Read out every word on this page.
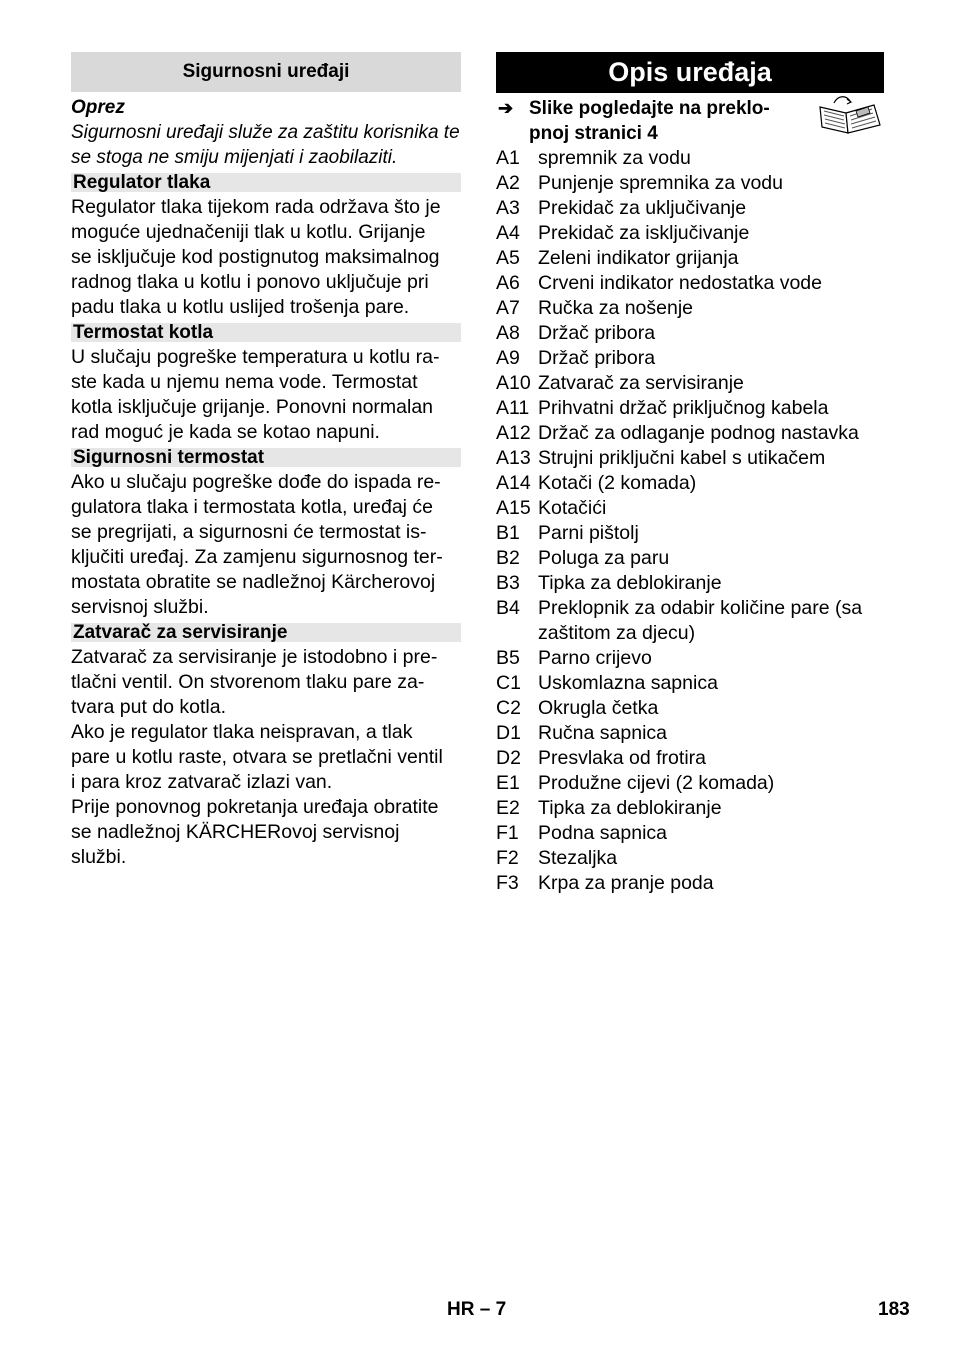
Sigurnosni uređaji
Oprez
Sigurnosni uređaji služe za zaštitu korisnika te se stoga ne smiju mijenjati i zaobilaziti.
Regulator tlaka
Regulator tlaka tijekom rada održava što je
moguće ujednačeniji tlak u kotlu. Grijanje
se isključuje kod postignutog maksimalnog
radnog tlaka u kotlu i ponovo uključuje pri
padu tlaka u kotlu uslijed trošenja pare.
Termostat kotla
U slučaju pogreške temperatura u kotlu ra-
ste kada u njemu nema vode. Termostat
kotla isključuje grijanje. Ponovni normalan
rad moguć je kada se kotao napuni.
Sigurnosni termostat
Ako u slučaju pogreške dođe do ispada re-
gulatora tlaka i termostata kotla, uređaj će
se pregrijati, a sigurnosni će termostat is-
ključiti uređaj. Za zamjenu sigurnosnog ter-
mostata obratite se nadležnoj Kärcherovoj
servisnoj službi.
Zatvarač za servisiranje
Zatvarač za servisiranje je istodobno i pre-
tlačni ventil. On stvorenom tlaku pare za-
tvara put do kotla.
Ako je regulator tlaka neispravan, a tlak
pare u kotlu raste, otvara se pretlačni ventil
i para kroz zatvarač izlazi van.
Prije ponovnog pokretanja uređaja obratite
se nadležnoj KÄRCHERovoj servisnoj
službi.
Opis uređaja
➔ Slike pogledajte na preklo-
pnoj stranici 4
A1 spremnik za vodu
A2 Punjenje spremnika za vodu
A3 Prekidač za uključivanje
A4 Prekidač za isključivanje
A5 Zeleni indikator grijanja
A6 Crveni indikator nedostatka vode
A7 Ručka za nošenje
A8 Držač pribora
A9 Držač pribora
A10 Zatvarač za servisiranje
A11 Prihvatni držač priključnog kabela
A12 Držač za odlaganje podnog nastavka
A13 Strujni priključni kabel s utikačem
A14 Kotači (2 komada)
A15 Kotačići
B1 Parni pištolj
B2 Poluga za paru
B3 Tipka za deblokiranje
B4 Preklopnik za odabir količine pare (sa
zaštitom za djecu)
B5 Parno crijevo
C1 Uskomlazna sapnica
C2 Okrugla četka
D1 Ručna sapnica
D2 Presvlaka od frotira
E1 Produžne cijevi (2 komada)
E2 Tipka za deblokiranje
F1 Podna sapnica
F2 Stezaljka
F3 Krpa za pranje poda
HR – 7	183
